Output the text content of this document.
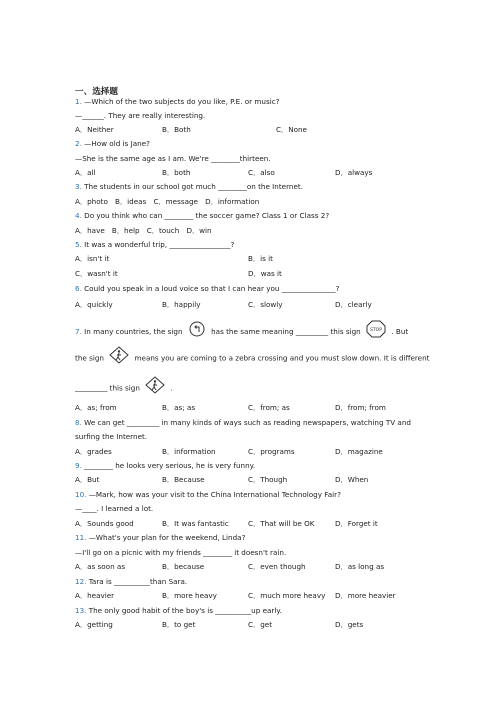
一、选择题
1. —Which of the two subjects do you like, P.E. or music?
—______. They are really interesting.
A．Neither	B．Both	C．None
2. —How old is Jane?
—She is the same age as I am. We're ________thirteen.
A．all	B．both	C．also	D．always
3. The students in our school got much ________on the Internet.
A．photo　B．ideas　C．message　D．information
4. Do you think who can ________ the soccer game? Class 1 or Class 2?
A．have　B．help　C．touch　D．win
5. It was a wonderful trip, _________________?
A．isn't it	B．is it
C．wasn't it	D．was it
6. Could you speak in a loud voice so that I can hear you _______________?
A．quickly	B．happily	C．slowly	D．clearly
7. In many countries, the sign	has the same meaning _________ this sign STOP . But
the sign	means you are coming to a zebra crossing and you must slow down. It is different
_________ this sign	.
A．as; from	B．as; as	C．from; as	D．from; from
8. We can get _________ in many kinds of ways such as reading newspapers, watching TV and
surfing the Internet.
A．grades	B．information	C．programs	D．magazine
9. ________ he looks very serious, he is very funny.
A．But	B．Because	C．Though	D．When
10. —Mark, how was your visit to the China International Technology Fair?
—____. I learned a lot.
A．Sounds good	B．It was fantastic	C．That will be OK	D．Forget it
11. —What's your plan for the weekend, Linda?
—I'll go on a picnic with my friends ________ it doesn't rain.
A．as soon as	B．because	C．even though	D．as long as
12. Tara is __________than Sara.
A．heavier	B．more heavy	C．much more heavy D．more heavier
13. The only good habit of the boy's is __________up early.
A．getting	B．to get	C．get	D．gets
